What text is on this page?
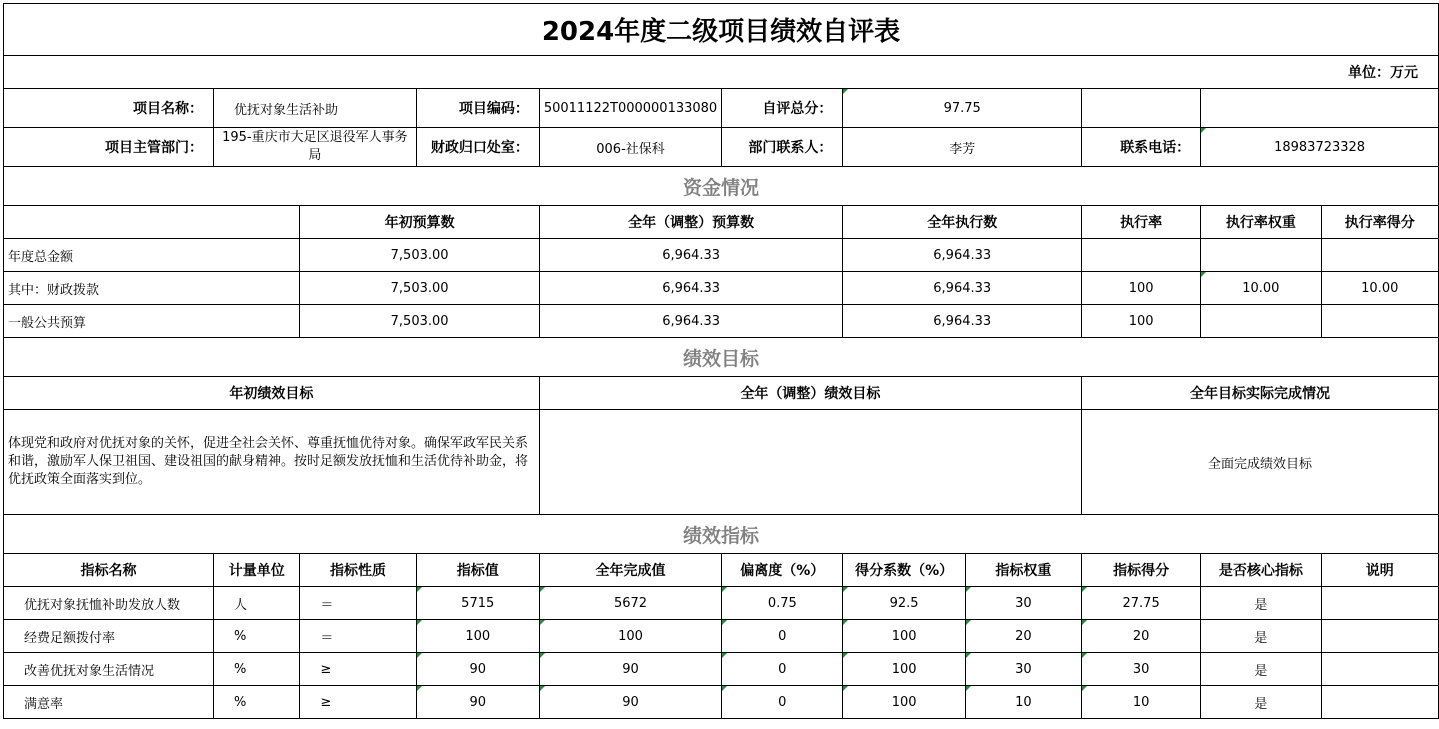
2024年度二级项目绩效自评表										
单位：万元										
项目名称：	优抚对象生活补助		项目编码：	50011122T000000133080	自评总分：	97.75				
项目主管部门：	195-重庆市大足区退役军人事务局		财政归口处室：	006-社保科	部门联系人：	李芳		联系电话：	18983723328	
资金情况										
		年初预算数		全年（调整）预算数		全年执行数		执行率	执行率权重	执行率得分
年度总金额		7,503.00		6,964.33		6,964.33				
其中：财政拨款		7,503.00		6,964.33		6,964.33		100	10.00	10.00
一般公共预算		7,503.00		6,964.33		6,964.33		100		
绩效目标										
年初绩效目标				全年（调整）绩效目标				全年目标实际完成情况		
体现党和政府对优抚对象的关怀，促进全社会关怀、尊重抚恤优待对象。确保军政军民关系和谐，激励军人保卫祖国、建设祖国的献身精神。按时足额发放抚恤和生活优待补助金，将优抚政策全面落实到位。								全面完成绩效目标		
绩效指标										
指标名称	计量单位	指标性质	指标值	全年完成值	偏离度（%）	得分系数（%）	指标权重	指标得分	是否核心指标	说明
优抚对象抚恤补助发放人数	人	＝	5715	5672	0.75	92.5	30	27.75	是	
经费足额拨付率	%	＝	100	100	0	100	20	20	是	
改善优抚对象生活情况	%	≥	90	90	0	100	30	30	是	
满意率	%	≥	90	90	0	100	10	10	是	
